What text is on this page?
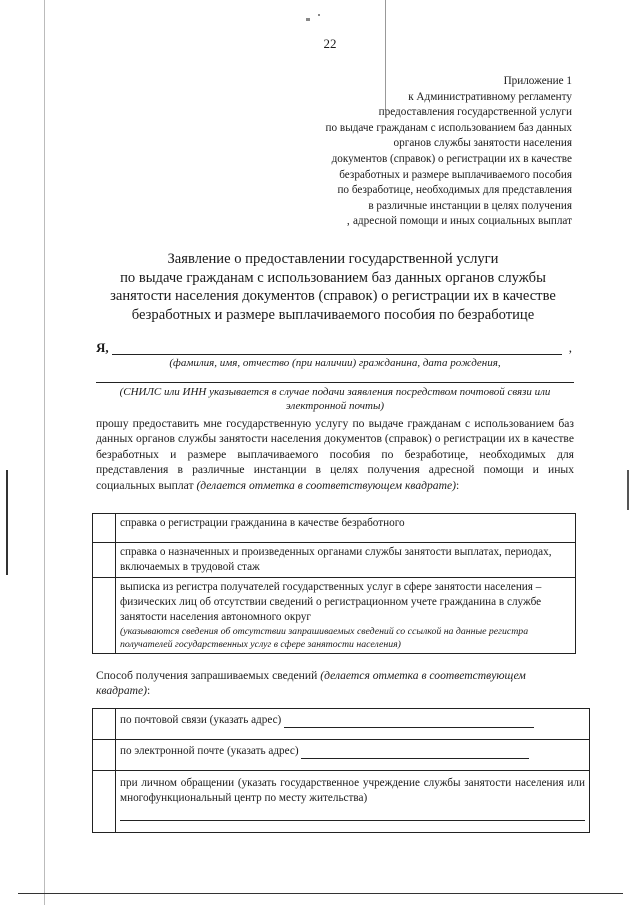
22
Приложение 1
к Административному регламенту
предоставления государственной услуги
по выдаче гражданам с использованием баз данных
органов службы занятости населения
документов (справок) о регистрации их в качестве
безработных и размере выплачиваемого пособия
по безработице, необходимых для представления
в различные инстанции в целях получения
‚ адресной помощи и иных социальных выплат
Заявление о предоставлении государственной услуги
по выдаче гражданам с использованием баз данных органов службы
занятости населения документов (справок) о регистрации их в качестве
безработных и размере выплачиваемого пособия по безработице
Я,	,
(фамилия, имя, отчество (при наличии) гражданина, дата рождения,
(СНИЛС или ИНН указывается в случае подачи заявления посредством почтовой связи или электронной почты)
прошу предоставить мне государственную услугу по выдаче гражданам с использованием баз данных органов службы занятости населения документов (справок) о регистрации их в качестве безработных и размере выплачиваемого пособия по безработице, необходимых для представления в различные инстанции в целях получения адресной помощи и иных социальных выплат (делается отметка в соответствующем квадрате):
	справка о регистрации гражданина в качестве безработного
	справка о назначенных и произведенных органами службы занятости выплатах, периодах, включаемых в трудовой стаж

	выписка из регистра получателей государственных услуг в сфере занятости населения – физических лиц об отсутствии сведений о регистрационном учете гражданина в службе занятости населения автономного округ
(указываются сведения об отсутствии запрашиваемых сведений со ссылкой на данные регистра получателей государственных услуг в сфере занятости населения)
Способ получения запрашиваемых сведений (делается отметка в соответствующем квадрате):
	по почтовой связи (указать адрес)
	по электронной почте (указать адрес)

	при личном обращении (указать государственное учреждение службы занятости населения или многофункциональный центр по месту жительства)
